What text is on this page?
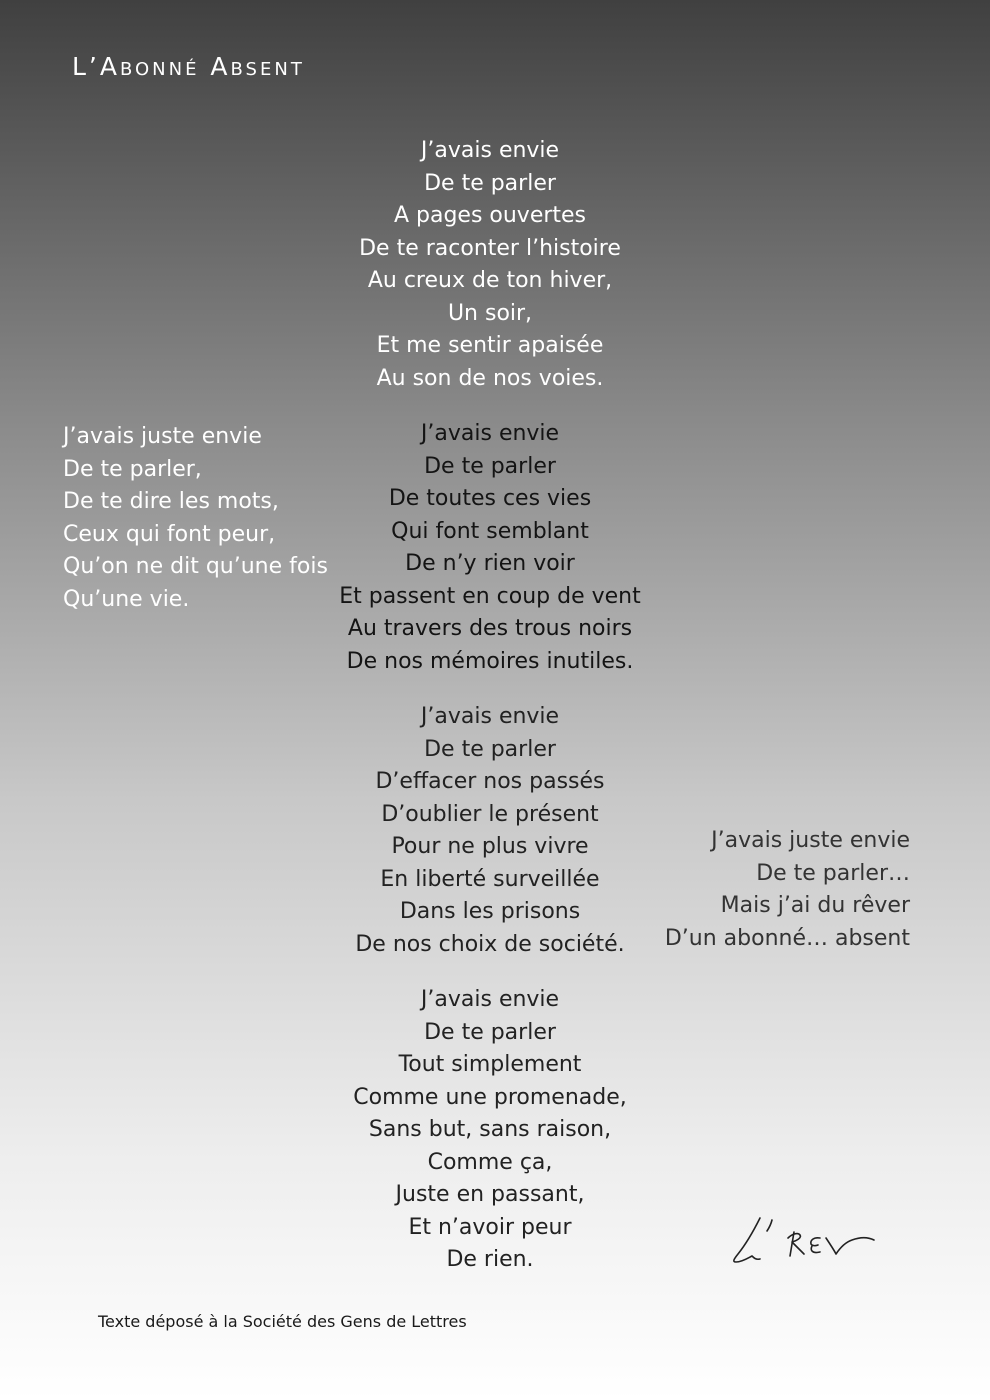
L’Abonné Absent
J’avais envie
De te parler
A pages ouvertes
De te raconter l’histoire
Au creux de ton hiver,
Un soir,
Et me sentir apaisée
Au son de nos voies.
J’avais juste envie
De te parler,
De te dire les mots,
Ceux qui font peur,
Qu’on ne dit qu’une fois
Qu’une vie.
J’avais envie
De te parler
De toutes ces vies
Qui font semblant
De n’y rien voir
Et passent en coup de vent
Au travers des trous noirs
De nos mémoires inutiles.
J’avais envie
De te parler
D’effacer nos passés
D’oublier le présent
Pour ne plus vivre
En liberté surveillée
Dans les prisons
De nos choix de société.
J’avais juste envie
De te parler…
Mais j’ai du rêver
D’un abonné… absent
J’avais envie
De te parler
Tout simplement
Comme une promenade,
Sans but, sans raison,
Comme ça,
Juste en passant,
Et n’avoir peur
De rien.
Texte déposé à la Société des Gens de Lettres
